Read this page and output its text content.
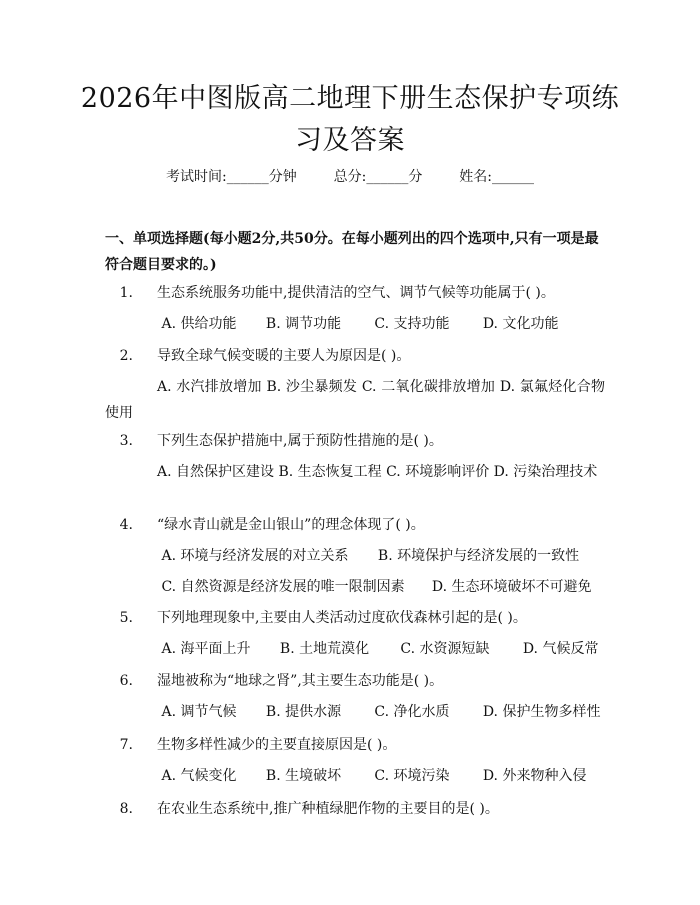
2026年中图版高二地理下册生态保护专项练
习及答案
考试时间:______分钟	总分:______分	姓名:______
一、单项选择题(每小题2分,共50分。在每小题列出的四个选项中,只有一项是最符合题目要求的。)
1. 生态系统服务功能中,提供清洁的空气、调节气候等功能属于( )。
A. 供给功能 B. 调节功能 C. 支持功能 D. 文化功能
2. 导致全球气候变暖的主要人为原因是( )。
A. 水汽排放增加 B. 沙尘暴频发 C. 二氧化碳排放增加 D. 氯氟烃化合物使用
3. 下列生态保护措施中,属于预防性措施的是( )。
A. 自然保护区建设 B. 生态恢复工程 C. 环境影响评价 D. 污染治理技术
4. “绿水青山就是金山银山”的理念体现了( )。
A. 环境与经济发展的对立关系 B. 环境保护与经济发展的一致性
C. 自然资源是经济发展的唯一限制因素 D. 生态环境破坏不可避免
5. 下列地理现象中,主要由人类活动过度砍伐森林引起的是( )。
A. 海平面上升 B. 土地荒漠化 C. 水资源短缺 D. 气候反常
6. 湿地被称为“地球之肾”,其主要生态功能是( )。
A. 调节气候 B. 提供水源 C. 净化水质 D. 保护生物多样性
7. 生物多样性减少的主要直接原因是( )。
A. 气候变化 B. 生境破坏 C. 环境污染 D. 外来物种入侵
8. 在农业生态系统中,推广种植绿肥作物的主要目的是( )。
